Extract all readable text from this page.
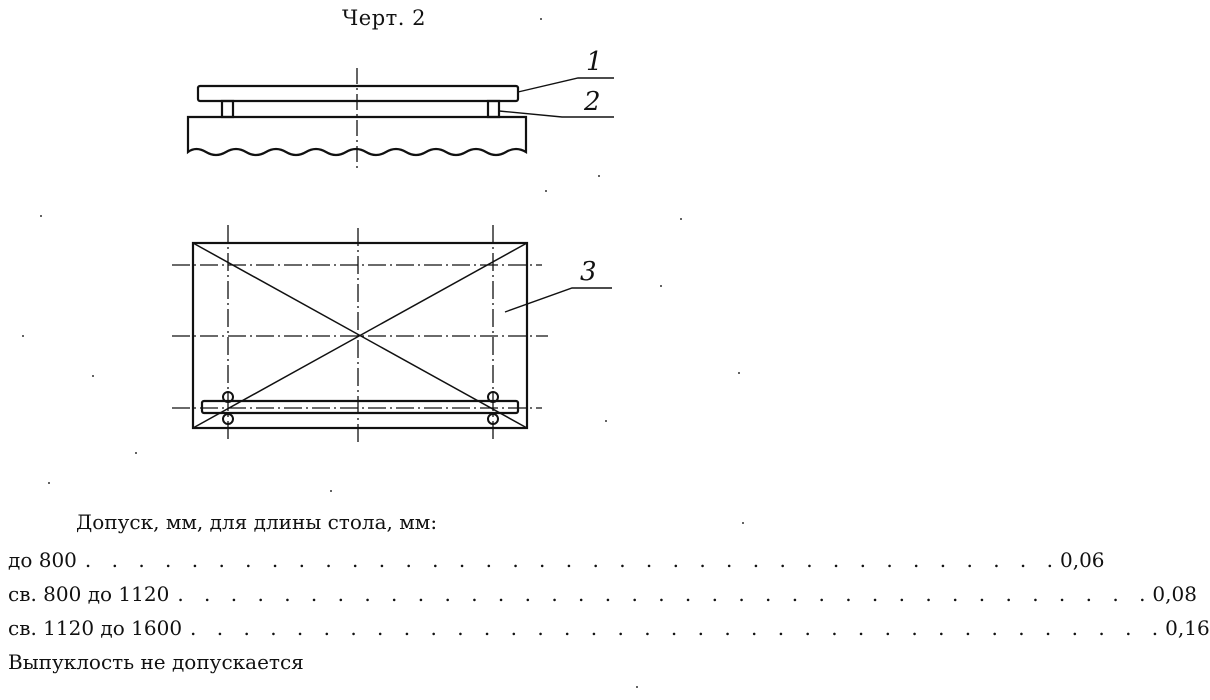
Черт. 2
1
2
3
Допуск, мм, для длины стола, мм:
до 800 . . . . . . . . . . . . . . . . . . . . . . . . . . . . . . . . . . . . . 0,06
св. 800 до 1120 . . . . . . . . . . . . . . . . . . . . . . . . . . . . . . . . . . . . . 0,08
св. 1120 до 1600 . . . . . . . . . . . . . . . . . . . . . . . . . . . . . . . . . . . . . 0,16
Выпуклость не допускается
